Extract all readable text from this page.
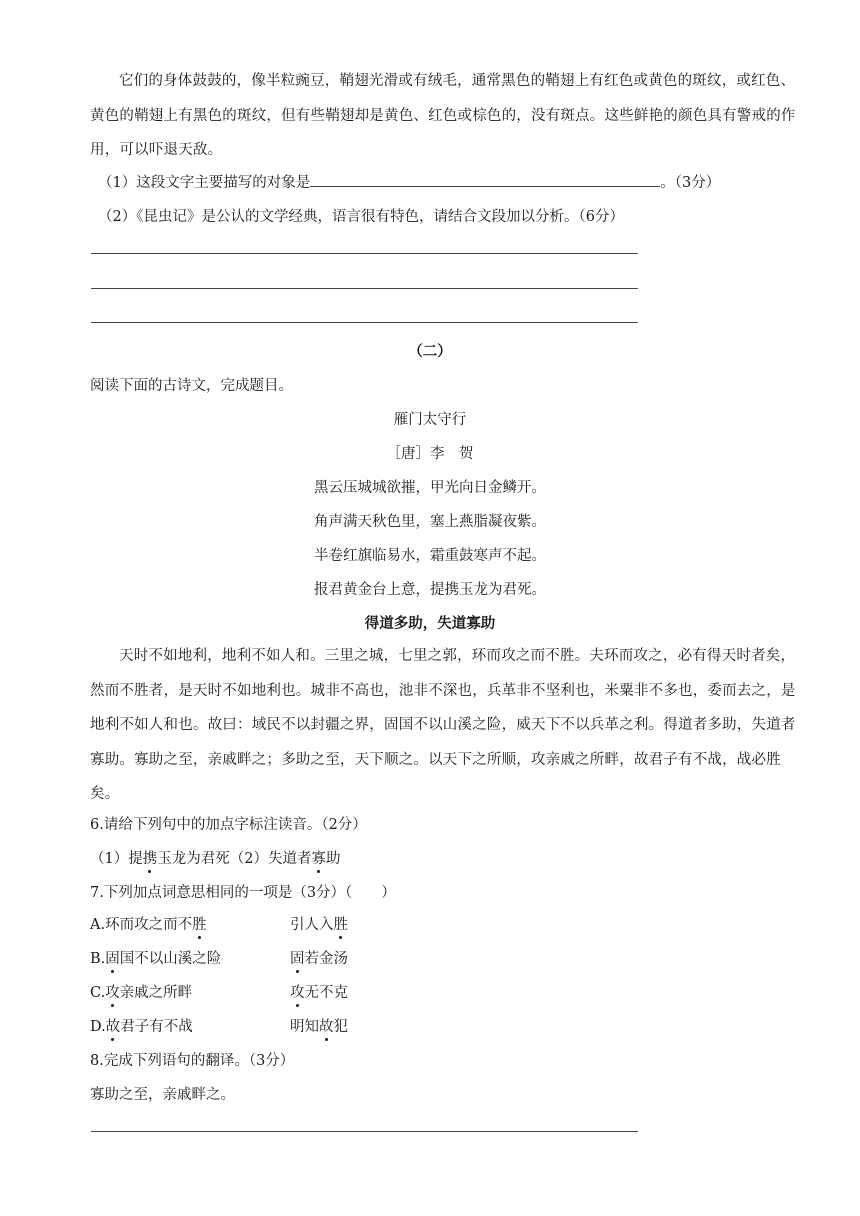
它们的身体鼓鼓的，像半粒豌豆，鞘翅光滑或有绒毛，通常黑色的鞘翅上有红色或黄色的斑纹，或红色、黄色的鞘翅上有黑色的斑纹，但有些鞘翅却是黄色、红色或棕色的，没有斑点。这些鲜艳的颜色具有警戒的作用，可以吓退天敌。

（1）这段文字主要描写的对象是	。（3分）

（2）《昆虫记》是公认的文学经典，语言很有特色，请结合文段加以分析。（6分）

（二）

阅读下面的古诗文，完成题目。

雁门太守行

［唐］李　贺

黑云压城城欲摧，甲光向日金鳞开。

角声满天秋色里，塞上燕脂凝夜紫。

半卷红旗临易水，霜重鼓寒声不起。

报君黄金台上意，提携玉龙为君死。

得道多助，失道寡助

天时不如地利，地利不如人和。三里之城，七里之郭，环而攻之而不胜。夫环而攻之，必有得天时者矣，然而不胜者，是天时不如地利也。城非不高也，池非不深也，兵革非不坚利也，米粟非不多也，委而去之，是地利不如人和也。故曰：域民不以封疆之界，固国不以山溪之险，威天下不以兵革之利。得道者多助，失道者寡助。寡助之至，亲戚畔之；多助之至，天下顺之。以天下之所顺，攻亲戚之所畔，故君子有不战，战必胜矣。

6.请给下列句中的加点字标注读音。（2分）

（1）提携玉龙为君死（2）失道者寡助

7.下列加点词意思相同的一项是（3分）（　　）

A.环而攻之而不胜	引人入胜
B.固国不以山溪之险	固若金汤
C.攻亲戚之所畔	攻无不克
D.故君子有不战	明知故犯

8.完成下列语句的翻译。（3分）

寡助之至，亲戚畔之。
